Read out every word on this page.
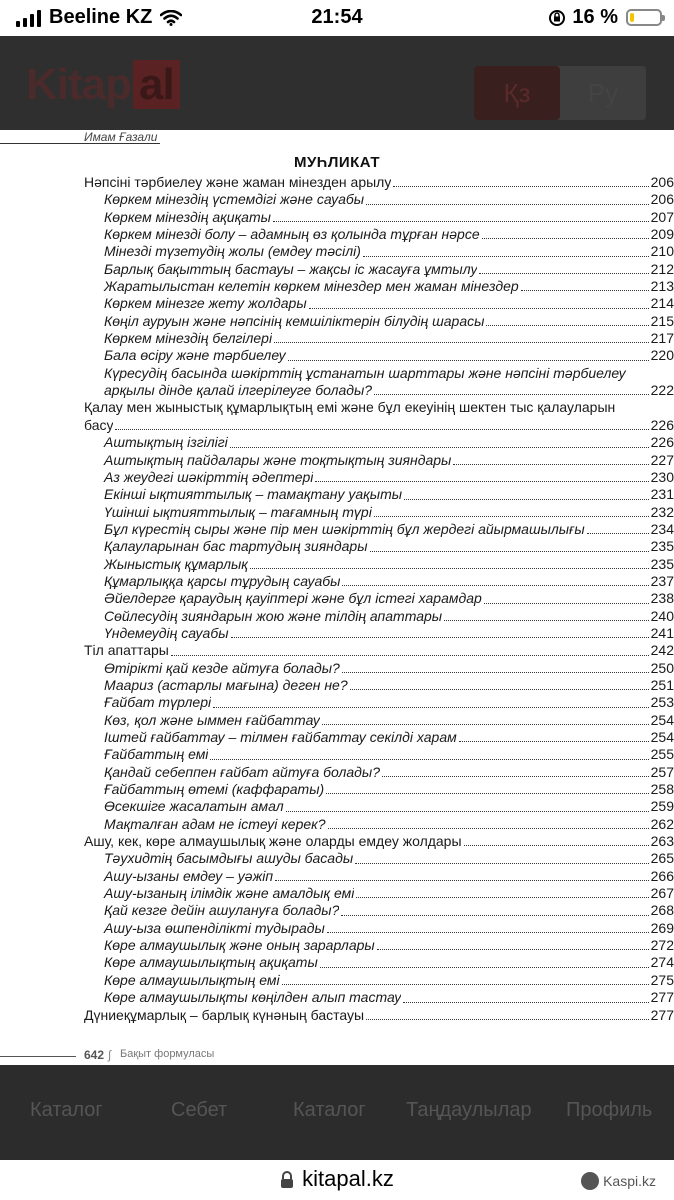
Beeline KZ	21:54	16 %
Kitap al	Қз	Ру
Имам Ғазали
МУҺЛИКАТ
Нәпсіні тәрбиелеу және жаман мінезден арылу	206
Көркем мінездің үстемдігі және сауабы	206
Көркем мінездің ақиқаты	207
Көркем мінезді болу – адамның өз қолында тұрған нәрсе	209
Мінезді түзетудің жолы (емдеу тәсілі)	210
Барлық бақыттың бастауы – жақсы іс жасауға ұмтылу	212
Жаратылыстан келетін көркем мінездер мен жаман мінездер	213
Көркем мінезге жету жолдары	214
Көңіл ауруын және нәпсінің кемшіліктерін білудің шарасы	215
Көркем мінездің белгілері	217
Бала өсіру және тәрбиелеу	220
Күресудің басында шәкірттің ұстанатын шарттары және нәпсіні тәрбиелеу
арқылы дінде қалай ілгерілеуге болады?	222
Қалау мен жыныстық құмарлықтың емі және бұл екеуінің шектен тыс қалауларын
басу	226
Аштықтың ізгілігі	226
Аштықтың пайдалары және тоқтықтың зияндары	227
Аз жеудегі шәкірттің әдептері	230
Екінші ықтияттылық – тамақтану уақыты	231
Үшінші ықтияттылық – тағамның түрі	232
Бұл күрестің сыры және пір мен шәкірттің бұл жердегі айырмашылығы	234
Қалауларынан бас тартудың зияндары	235
Жыныстық құмарлық	235
Құмарлыққа қарсы тұрудың сауабы	237
Әйелдерге қараудың қауіптері және бұл істегі харамдар	238
Сөйлесудің зияндарын жою және тілдің апаттары	240
Үндемеудің сауабы	241
Тіл апаттары	242
Өтірікті қай кезде айтуға болады?	250
Маариз (астарлы мағына) деген не?	251
Ғайбат түрлері	253
Көз, қол және ыммен ғайбаттау	254
Іштей ғайбаттау – тілмен ғайбаттау секілді харам	254
Ғайбаттың емі	255
Қандай себеппен ғайбат айтуға болады?	257
Ғайбаттың өтемі (каффараты)	258
Өсекшіге жасалатын амал	259
Мақталған адам не істеуі керек?	262
Ашу, кек, көре алмаушылық және оларды емдеу жолдары	263
Тәухидтің басымдығы ашуды басады	265
Ашу-ызаны емдеу – уәжіп	266
Ашу-ызаның ілімдік және амалдық емі	267
Қай кезге дейін ашулануға болады?	268
Ашу-ыза өшпенділікті тудырады	269
Көре алмаушылық және оның зарарлары	272
Көре алмаушылықтың ақиқаты	274
Көре алмаушылықтың емі	275
Көре алмаушылықты көңілден алып тастау	277
Дүниеқұмарлық – барлық күнәның бастауы	277
642 ∫ Бақыт формуласы
Каталог	Себет	Каталог Таңдаулылар Профиль
kitapal.kz	Kaspi.kz
